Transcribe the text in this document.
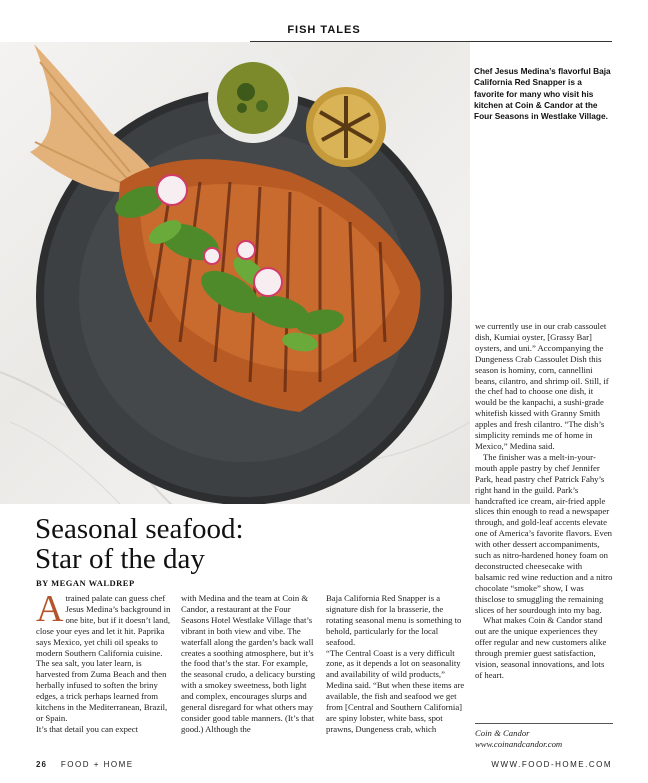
FISH TALES
Chef Jesus Medina’s flavorful Baja California Red Snapper is a favorite for many who visit his kitchen at Coin & Candor at the Four Seasons in Westlake Village.
Seasonal seafood:
Star of the day
BY MEGAN WALDREP

Atrained palate can guess chef Jesus Medina’s background in one bite, but if it doesn’t land, close your eyes and let it hit. Paprika says Mexico, yet chili oil speaks to modern Southern California cuisine. The sea salt, you later learn, is harvested from Zuma Beach and then herbally infused to soften the briny edges, a trick perhaps learned from kitchens in the Mediterranean, Brazil, or Spain.

It’s that detail you can expect

with Medina and the team at Coin & Candor, a restaurant at the Four Seasons Hotel Westlake Village that’s vibrant in both view and vibe. The waterfall along the garden’s back wall creates a soothing atmosphere, but it’s the food that’s the star. For example, the seasonal crudo, a delicacy bursting with a smokey sweetness, both light and complex, encourages slurps and general disregard for what others may consider good table manners. (It’s that good.) Although the

Baja California Red Snapper is a signature dish for la brasserie, the rotating seasonal menu is something to behold, particularly for the local seafood.

“The Central Coast is a very difficult zone, as it depends a lot on seasonality and availability of wild products,” Medina said. “But when these items are available, the fish and seafood we get from [Central and Southern California] are spiny lobster, white bass, spot prawns, Dungeness crab, which

we currently use in our crab cassoulet dish, Kumiai oyster, [Grassy Bar] oysters, and uni.” Accompanying the Dungeness Crab Cassoulet Dish this season is hominy, corn, cannellini beans, cilantro, and shrimp oil. Still, if the chef had to choose one dish, it would be the kanpachi, a sushi-grade whitefish kissed with Granny Smith apples and fresh cilantro. “The dish’s simplicity reminds me of home in Mexico,” Medina said.

The finisher was a melt-in-your-mouth apple pastry by chef Jennifer Park, head pastry chef Patrick Fahy’s right hand in the guild. Park’s handcrafted ice cream, air-fried apple slices thin enough to read a newspaper through, and gold-leaf accents elevate one of America’s favorite flavors. Even with other dessert accompaniments, such as nitro-hardened honey foam on deconstructed cheesecake with balsamic red wine reduction and a nitro chocolate “smoke” show, I was thisclose to smuggling the remaining slices of her sourdough into my bag.

What makes Coin & Candor stand out are the unique experiences they offer regular and new customers alike through premier guest satisfaction, vision, seasonal innovations, and lots of heart.

Coin & Candor
www.coinandcandor.com
26 FOOD + HOME	WWW.FOOD-HOME.COM
